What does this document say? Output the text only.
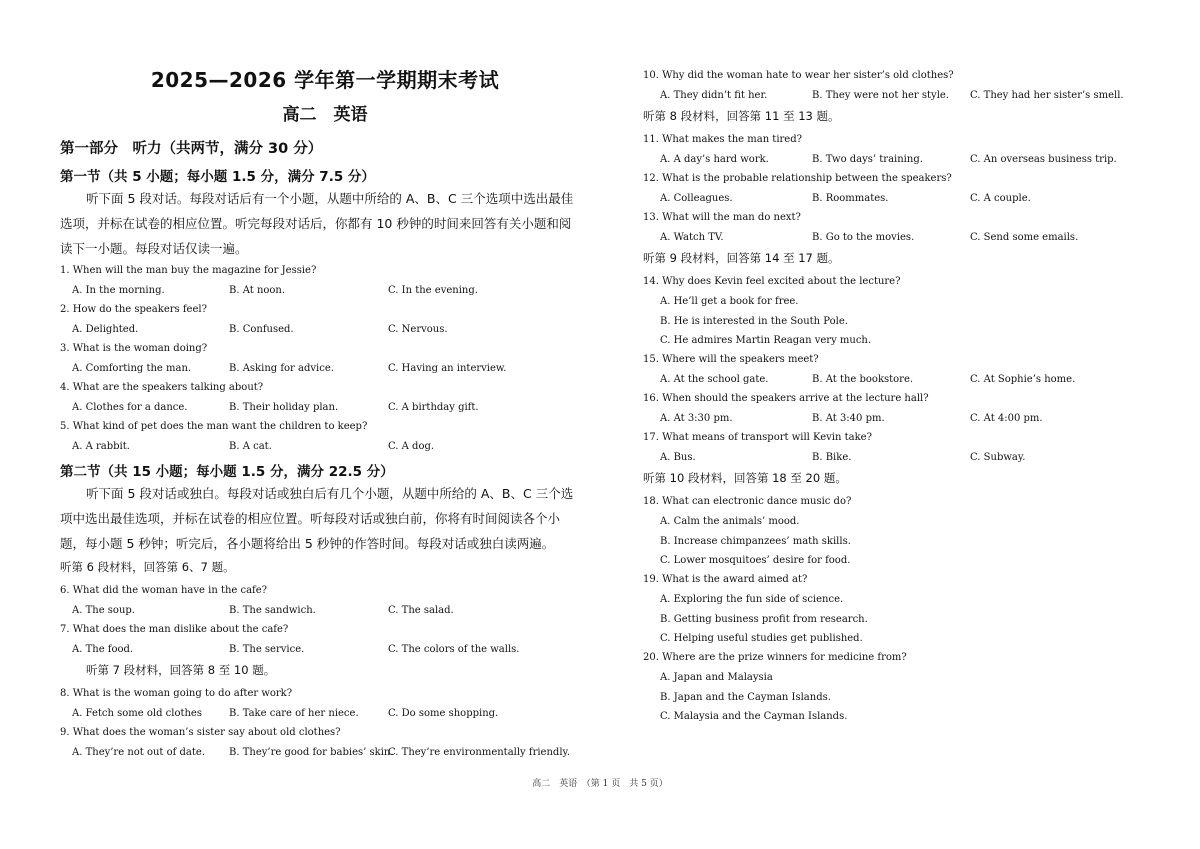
2025—2026 学年第一学期期末考试
高二　英语
第一部分　听力（共两节，满分 30 分）
第一节（共 5 小题；每小题 1.5 分，满分 7.5 分）
听下面 5 段对话。每段对话后有一个小题，从题中所给的 A、B、C 三个选项中选出最佳选项，并标在试卷的相应位置。听完每段对话后，你都有 10 秒钟的时间来回答有关小题和阅读下一小题。每段对话仅读一遍。
1. When will the man buy the magazine for Jessie?
A. In the morning.	B. At noon.	C. In the evening.
2. How do the speakers feel?
A. Delighted.	B. Confused.	C. Nervous.
3. What is the woman doing?
A. Comforting the man.	B. Asking for advice.	C. Having an interview.
4. What are the speakers talking about?
A. Clothes for a dance.	B. Their holiday plan.	C. A birthday gift.
5. What kind of pet does the man want the children to keep?
A. A rabbit.	B. A cat.	C. A dog.
第二节（共 15 小题；每小题 1.5 分，满分 22.5 分）
听下面 5 段对话或独白。每段对话或独白后有几个小题，从题中所给的 A、B、C 三个选项中选出最佳选项，并标在试卷的相应位置。听每段对话或独白前，你将有时间阅读各个小题，每小题 5 秒钟；听完后，各小题将给出 5 秒钟的作答时间。每段对话或独白读两遍。
听第 6 段材料，回答第 6、7 题。
6. What did the woman have in the cafe?
A. The soup.	B. The sandwich.	C. The salad.
7. What does the man dislike about the cafe?
A. The food.	B. The service.	C. The colors of the walls.
听第 7 段材料，回答第 8 至 10 题。
8. What is the woman going to do after work?
A. Fetch some old clothes	B. Take care of her niece.	C. Do some shopping.
9. What does the woman’s sister say about old clothes?
A. They’re not out of date. B. They’re good for babies’ skin.
C. They’re environmentally friendly.
10. Why did the woman hate to wear her sister’s old clothes?
A. They didn’t fit her.	B. They were not her style. C. They had her sister’s smell.
听第 8 段材料，回答第 11 至 13 题。
11. What makes the man tired?
A. A day’s hard work.	B. Two days’ training.	C. An overseas business trip.
12. What is the probable relationship between the speakers?
A. Colleagues.	B. Roommates.	C. A couple.
13. What will the man do next?
A. Watch TV.	B. Go to the movies.	C. Send some emails.
听第 9 段材料，回答第 14 至 17 题。
14. Why does Kevin feel excited about the lecture?
A. He’ll get a book for free.
B. He is interested in the South Pole.
C. He admires Martin Reagan very much.
15. Where will the speakers meet?
A. At the school gate.	B. At the bookstore.	C. At Sophie’s home.
16. When should the speakers arrive at the lecture hall?
A. At 3:30 pm.	B. At 3:40 pm.	C. At 4:00 pm.
17. What means of transport will Kevin take?
A. Bus.	B. Bike.	C. Subway.
听第 10 段材料，回答第 18 至 20 题。
18. What can electronic dance music do?
A. Calm the animals’ mood.
B. Increase chimpanzees’ math skills.
C. Lower mosquitoes’ desire for food.
19. What is the award aimed at?
A. Exploring the fun side of science.
B. Getting business profit from research.
C. Helping useful studies get published.
20. Where are the prize winners for medicine from?
A. Japan and Malaysia
B. Japan and the Cayman Islands.
C. Malaysia and the Cayman Islands.
高二　英语　（第 1 页　共 5 页）
